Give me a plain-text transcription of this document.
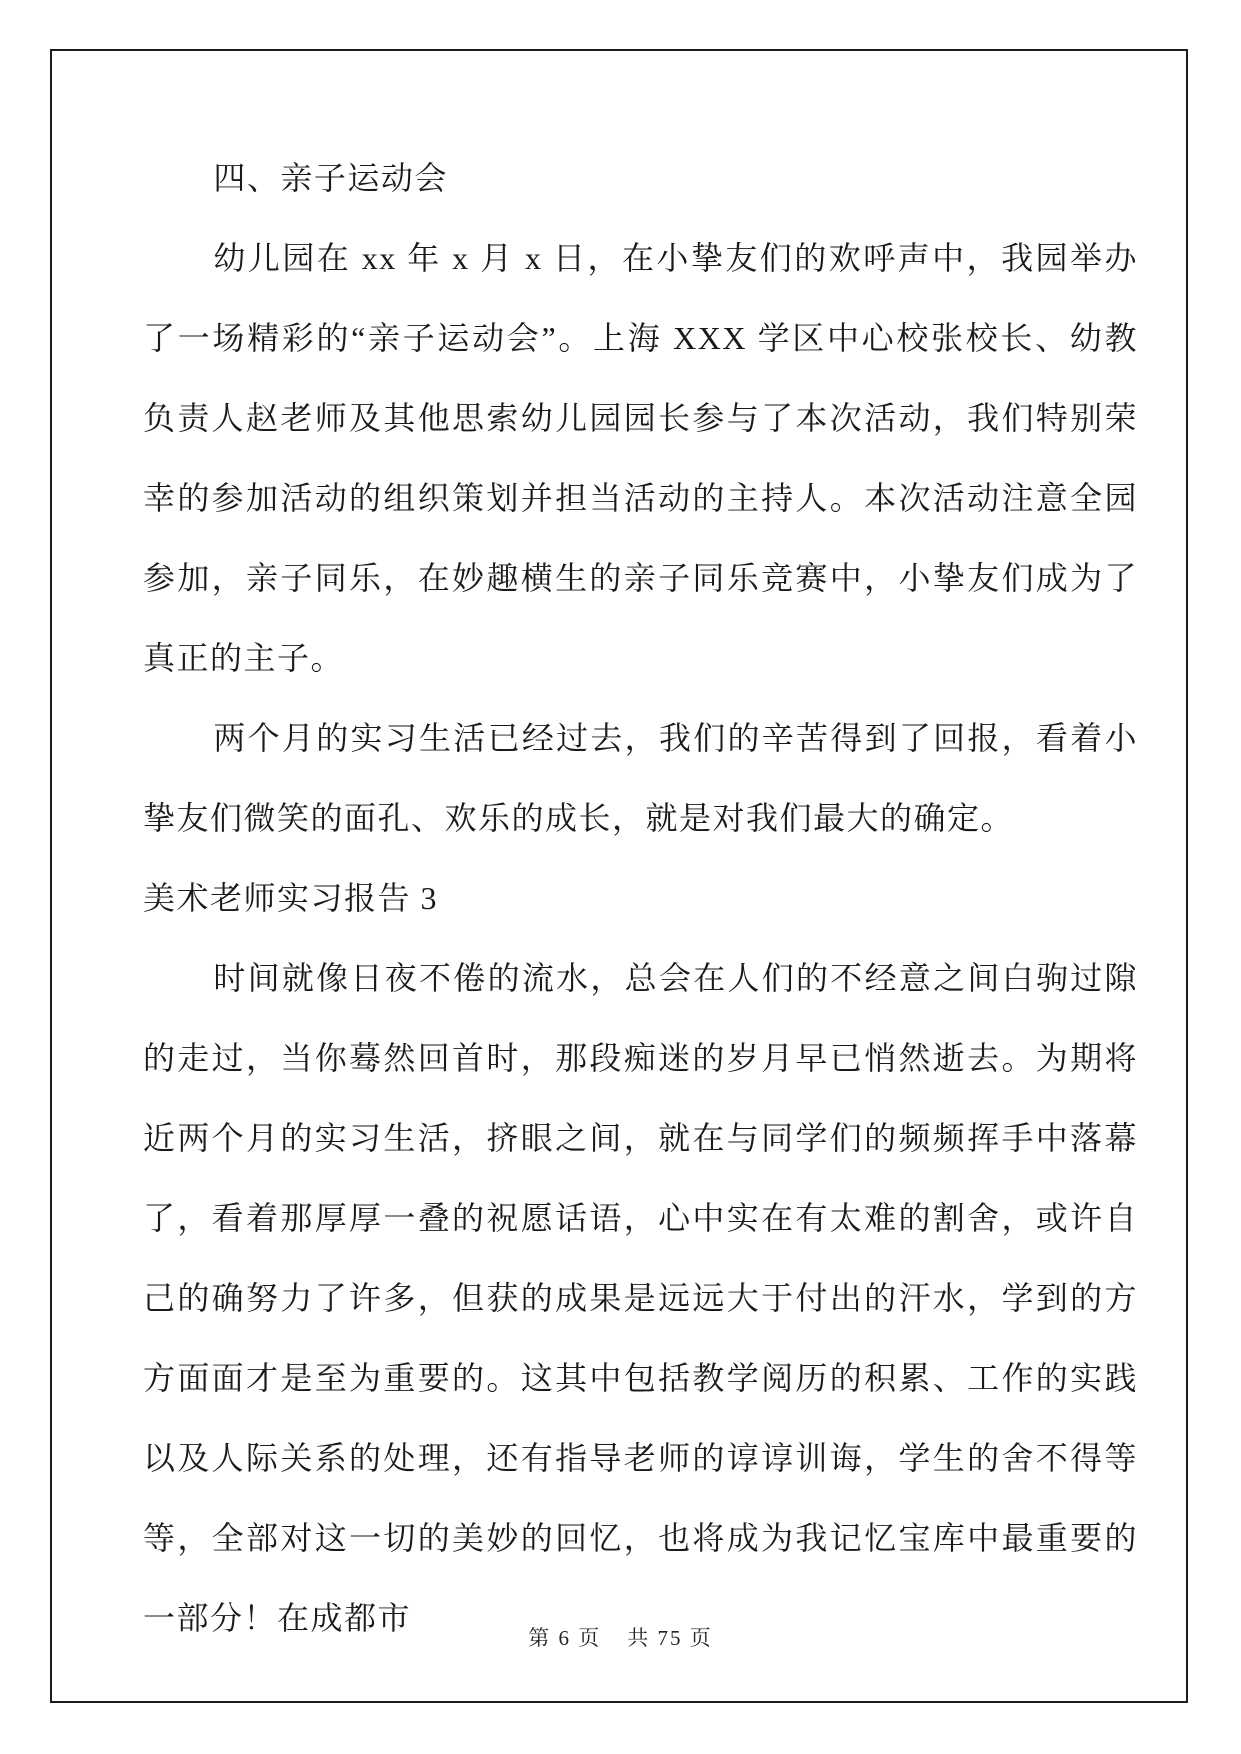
四、亲子运动会

幼儿园在 xx 年 x 月 x 日，在小挚友们的欢呼声中，我园举办了一场精彩的“亲子运动会”。上海 XXX 学区中心校张校长、幼教负责人赵老师及其他思索幼儿园园长参与了本次活动，我们特别荣幸的参加活动的组织策划并担当活动的主持人。本次活动注意全园参加，亲子同乐，在妙趣横生的亲子同乐竞赛中，小挚友们成为了真正的主子。

两个月的实习生活已经过去，我们的辛苦得到了回报，看着小挚友们微笑的面孔、欢乐的成长，就是对我们最大的确定。

美术老师实习报告 3

时间就像日夜不倦的流水，总会在人们的不经意之间白驹过隙的走过，当你蓦然回首时，那段痴迷的岁月早已悄然逝去。为期将近两个月的实习生活，挤眼之间，就在与同学们的频频挥手中落幕了，看着那厚厚一叠的祝愿话语，心中实在有太难的割舍，或许自己的确努力了许多，但获的成果是远远大于付出的汗水，学到的方方面面才是至为重要的。这其中包括教学阅历的积累、工作的实践以及人际关系的处理，还有指导老师的谆谆训诲，学生的舍不得等等，全部对这一切的美妙的回忆，也将成为我记忆宝库中最重要的一部分！在成都市

第 6 页 共 75 页
